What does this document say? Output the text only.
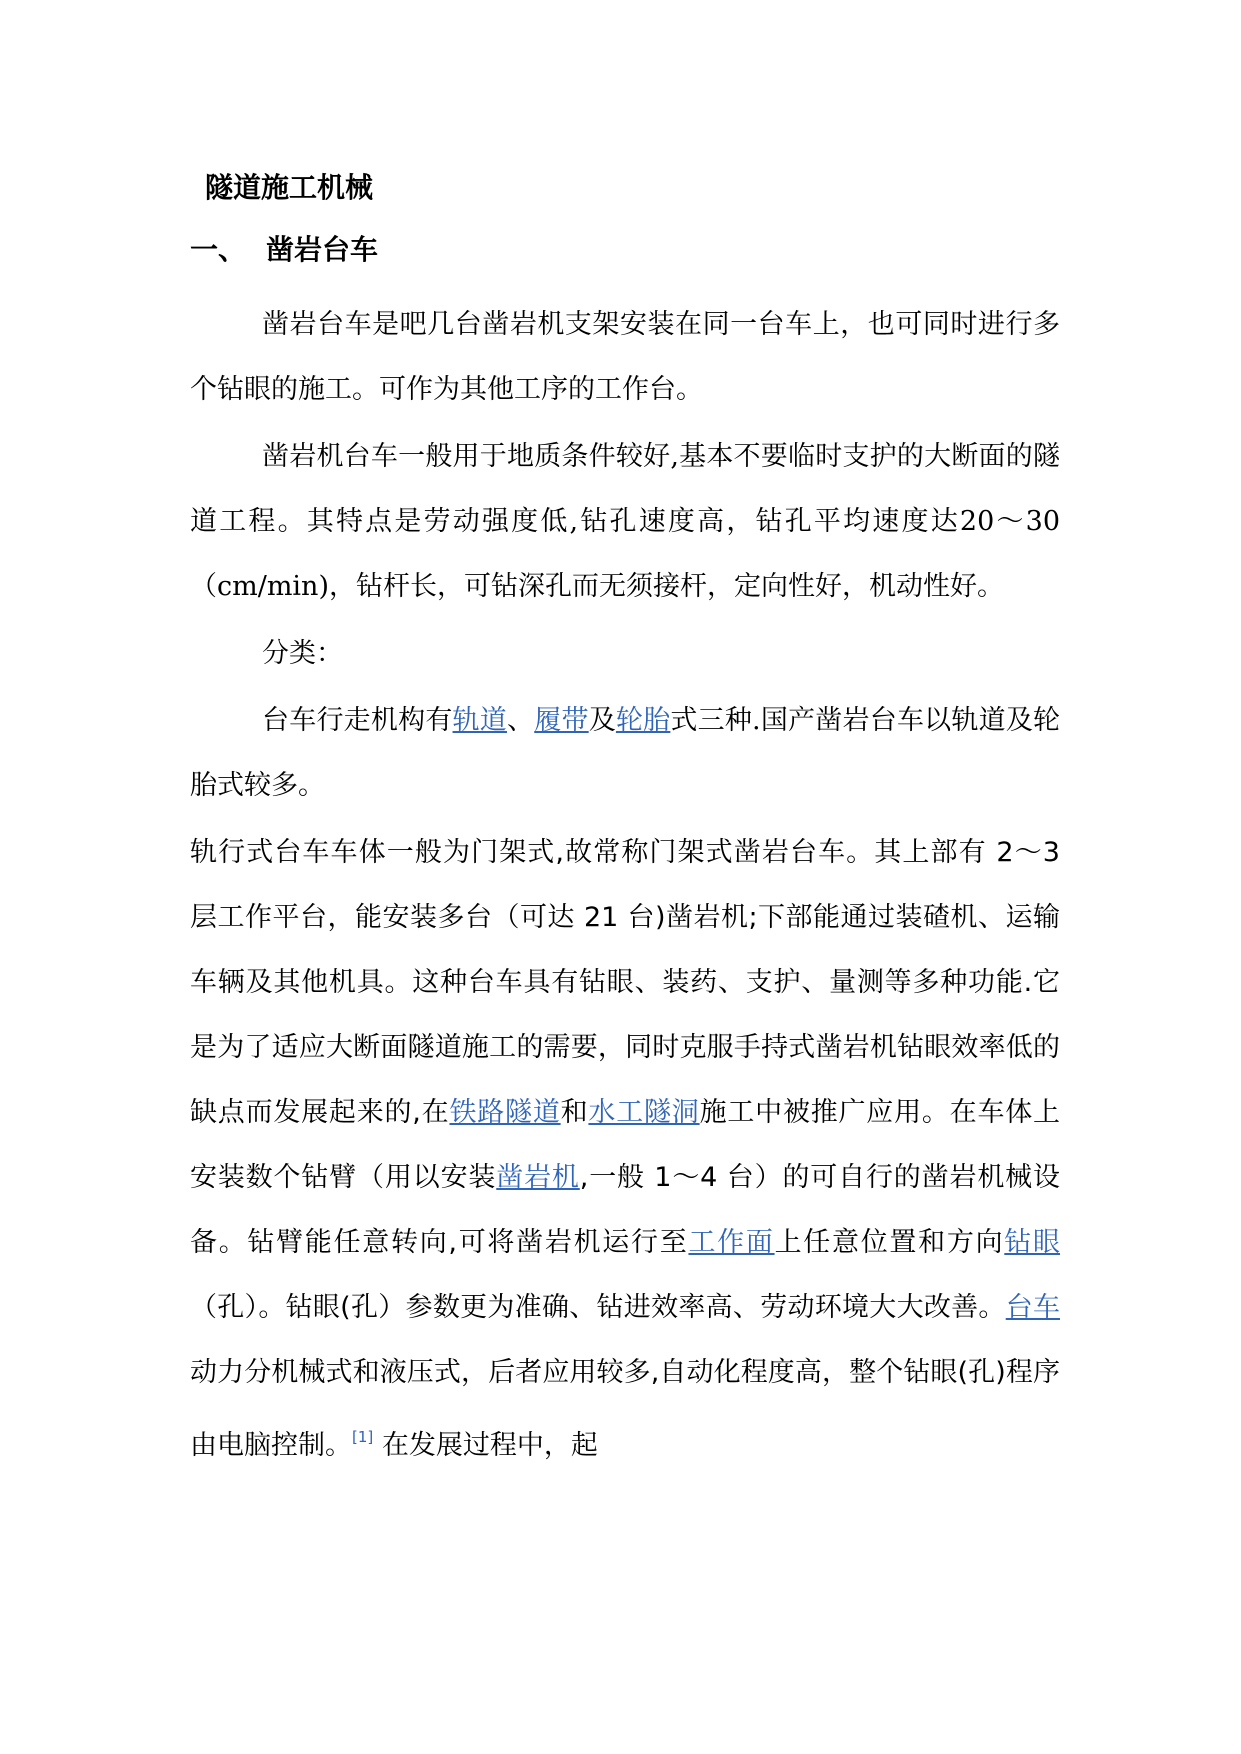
隧道施工机械
一、 凿岩台车

凿岩台车是吧几台凿岩机支架安装在同一台车上，也可同时进行多个钻眼的施工。可作为其他工序的工作台。

凿岩机台车一般用于地质条件较好,基本不要临时支护的大断面的隧道工程。其特点是劳动强度低,钻孔速度高，钻孔平均速度达20～30（cm/min)，钻杆长，可钻深孔而无须接杆，定向性好，机动性好。

分类：

台车行走机构有轨道、履带及轮胎式三种.国产凿岩台车以轨道及轮胎式较多。

轨行式台车车体一般为门架式,故常称门架式凿岩台车。其上部有 2～3 层工作平台，能安装多台（可达 21 台)凿岩机;下部能通过装碴机、运输车辆及其他机具。这种台车具有钻眼、装药、支护、量测等多种功能.它是为了适应大断面隧道施工的需要，同时克服手持式凿岩机钻眼效率低的缺点而发展起来的,在铁路隧道和水工隧洞施工中被推广应用。在车体上安装数个钻臂（用以安装凿岩机,一般 1～4 台）的可自行的凿岩机械设备。钻臂能任意转向,可将凿岩机运行至工作面上任意位置和方向钻眼（孔）。钻眼(孔）参数更为准确、钻进效率高、劳动环境大大改善。台车动力分机械式和液压式，后者应用较多,自动化程度高，整个钻眼(孔)程序由电脑控制。[1] 在发展过程中，起
